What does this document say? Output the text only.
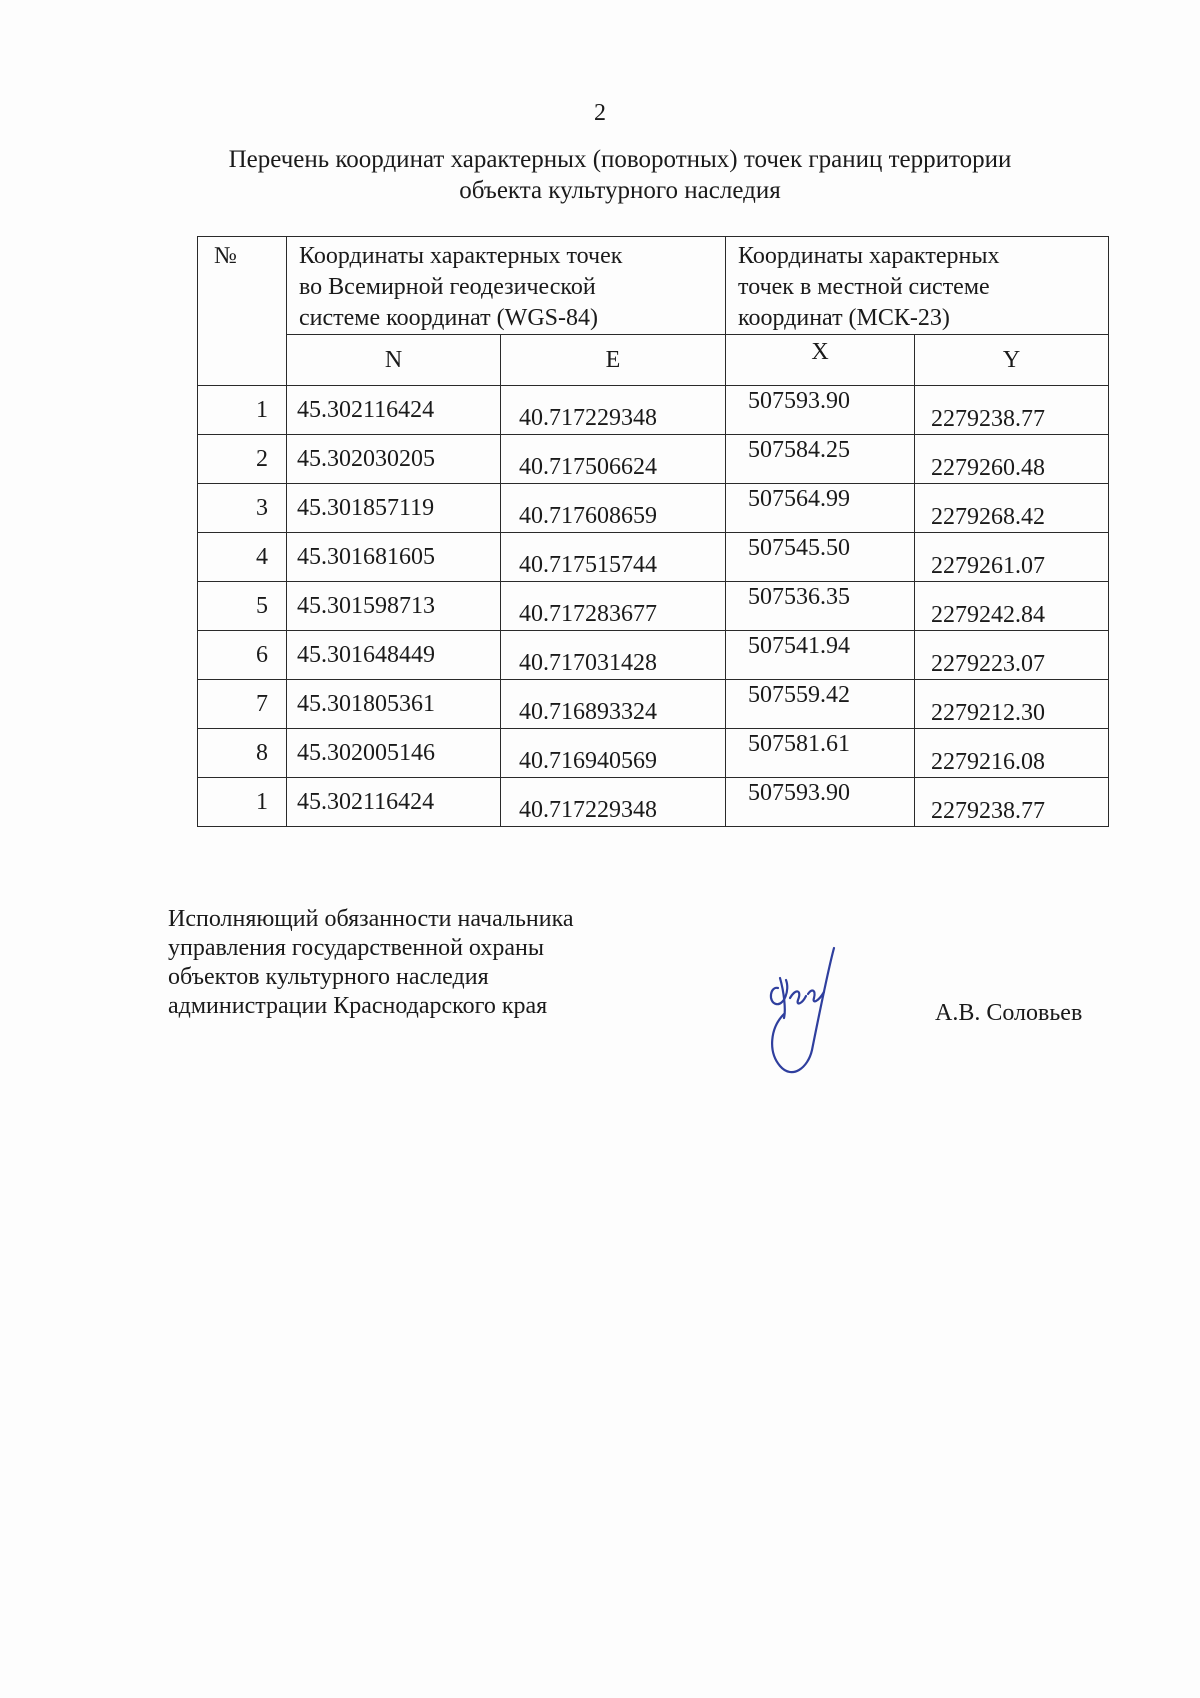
2
Перечень координат характерных (поворотных) точек границ территории
объекта культурного наследия
№	Координаты характерных точек
во Всемирной геодезической
системе координат (WGS-84)		Координаты характерных
точек в местной системе
координат (МСК-23)	

	N	E	X	Y
1	45.302116424	40.717229348	507593.90	2279238.77
2	45.302030205	40.717506624	507584.25	2279260.48
3	45.301857119	40.717608659	507564.99	2279268.42
4	45.301681605	40.717515744	507545.50	2279261.07
5	45.301598713	40.717283677	507536.35	2279242.84
6	45.301648449	40.717031428	507541.94	2279223.07
7	45.301805361	40.716893324	507559.42	2279212.30
8	45.302005146	40.716940569	507581.61	2279216.08
1	45.302116424	40.717229348	507593.90	2279238.77
Исполняющий обязанности начальника
управления государственной охраны
объектов культурного наследия
администрации Краснодарского края	А.В. Соловьев
